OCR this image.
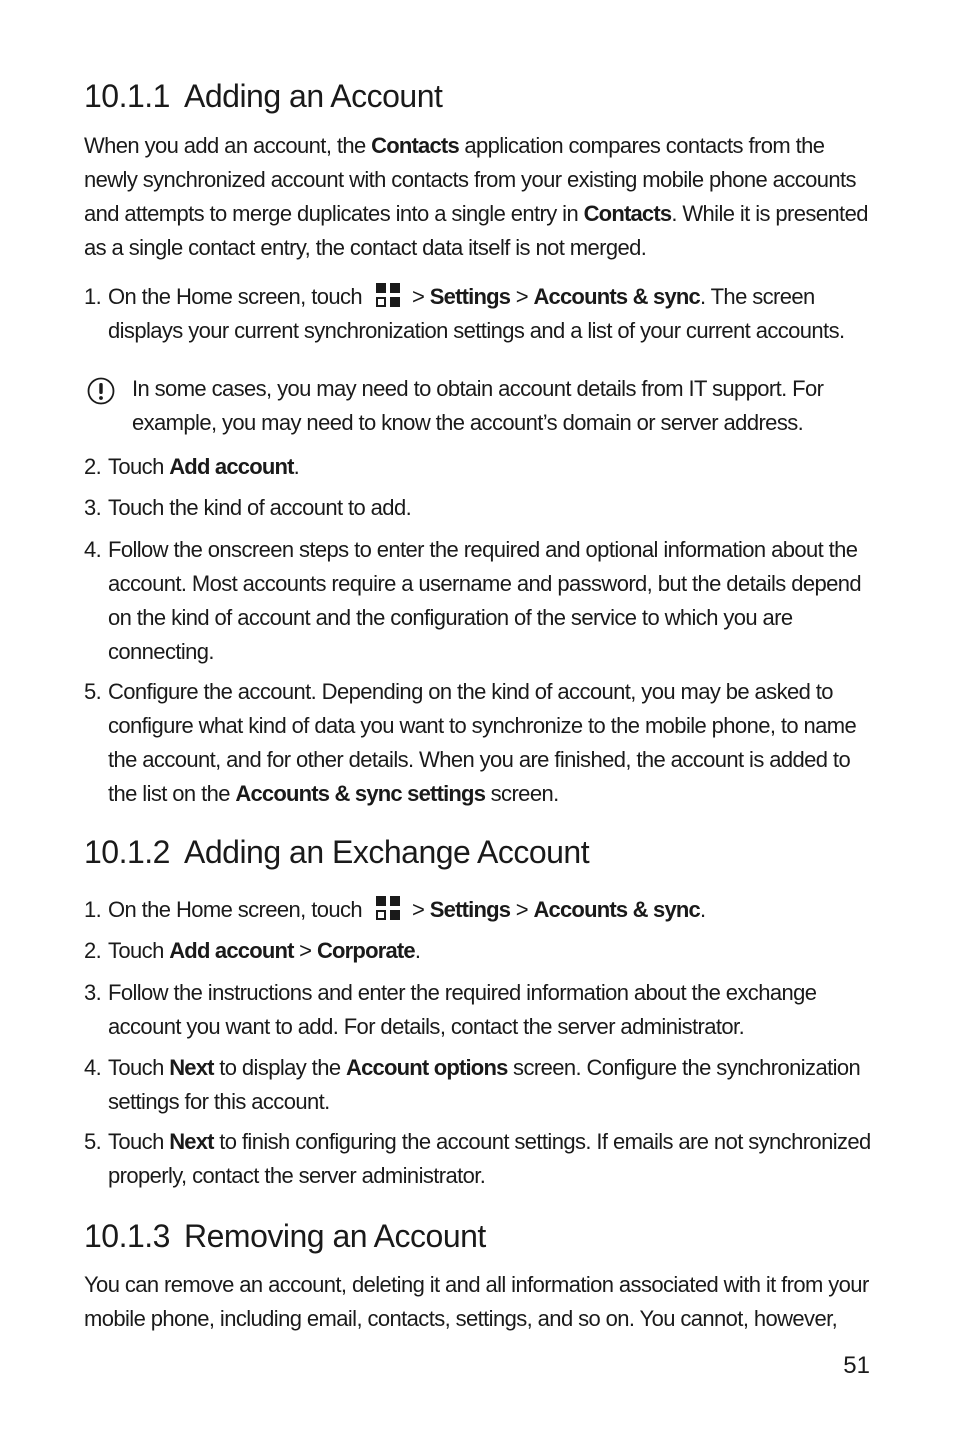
10.1.1 Adding an Account

When you add an account, the Contacts application compares contacts from the newly synchronized account with contacts from your existing mobile phone accounts and attempts to merge duplicates into a single entry in Contacts. While it is presented as a single contact entry, the contact data itself is not merged.

1. On the Home screen, touch > Settings > Accounts & sync. The screen displays your current synchronization settings and a list of your current accounts.
In some cases, you may need to obtain account details from IT support. For example, you may need to know the account’s domain or server address.
2. Touch Add account.
3. Touch the kind of account to add.
4. Follow the onscreen steps to enter the required and optional information about the account. Most accounts require a username and password, but the details depend on the kind of account and the configuration of the service to which you are connecting.
5. Configure the account. Depending on the kind of account, you may be asked to configure what kind of data you want to synchronize to the mobile phone, to name the account, and for other details. When you are finished, the account is added to the list on the Accounts & sync settings screen.
10.1.2 Adding an Exchange Account
1. On the Home screen, touch > Settings > Accounts & sync.
2. Touch Add account > Corporate.
3. Follow the instructions and enter the required information about the exchange account you want to add. For details, contact the server administrator.
4. Touch Next to display the Account options screen. Configure the synchronization settings for this account.
5. Touch Next to finish configuring the account settings. If emails are not synchronized properly, contact the server administrator.
10.1.3 Removing an Account

You can remove an account, deleting it and all information associated with it from your mobile phone, including email, contacts, settings, and so on. You cannot, however,

51
